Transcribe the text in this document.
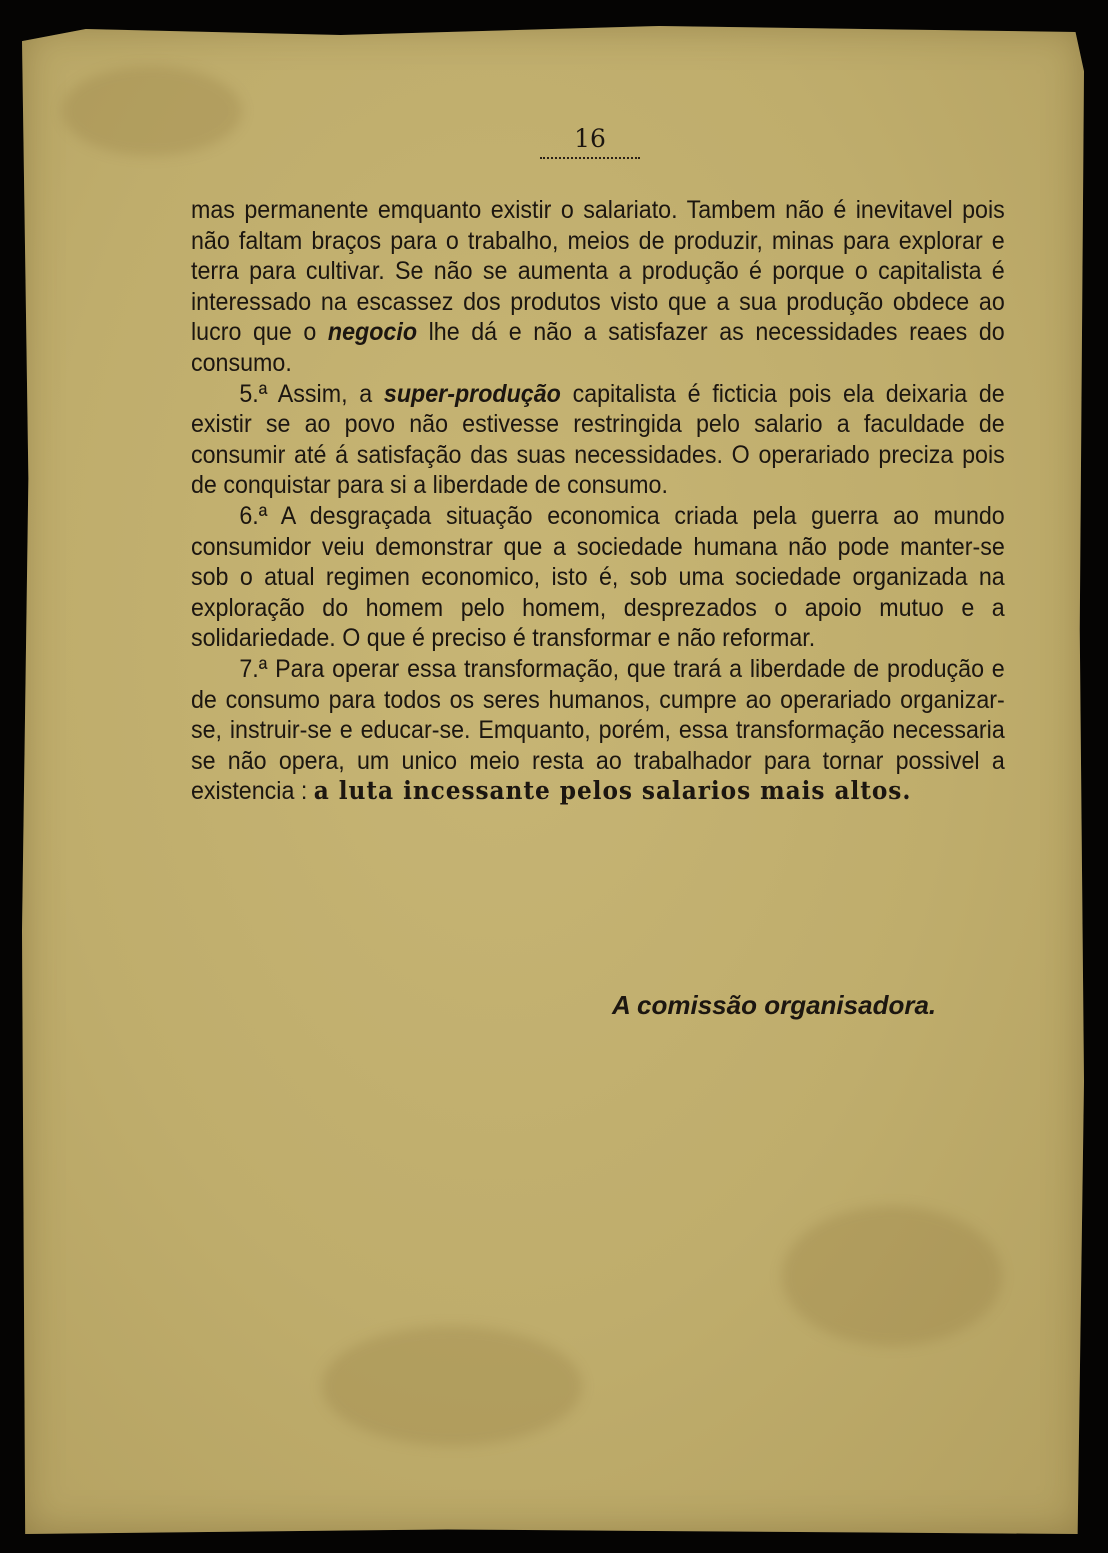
16

mas permanente emquanto existir o salariato. Tambem não é inevitavel pois não faltam braços para o trabalho, meios de produzir, minas para explorar e terra para cultivar. Se não se aumenta a produção é porque o capitalista é interessado na escassez dos produtos visto que a sua produção obdece ao lucro que o negocio lhe dá e não a satisfazer as necessidades reaes do consumo.

5.ª Assim, a super-produção capitalista é ficticia pois ela deixaria de existir se ao povo não estivesse restringida pelo salario a faculdade de consumir até á satisfação das suas necessidades. O operariado preciza pois de conquistar para si a liberdade de consumo.

6.ª A desgraçada situação economica criada pela guerra ao mundo consumidor veiu demonstrar que a sociedade humana não pode manter-se sob o atual regimen economico, isto é, sob uma sociedade organizada na exploração do homem pelo homem, desprezados o apoio mutuo e a solidariedade. O que é preciso é transformar e não reformar.

7.ª Para operar essa transformação, que trará a liberdade de produção e de consumo para todos os seres humanos, cumpre ao operariado organizar-se, instruir-se e educar-se. Emquanto, porém, essa transformação necessaria se não opera, um unico meio resta ao trabalhador para tornar possivel a existencia : a luta incessante pelos salarios mais altos.

A comissão organisadora.
